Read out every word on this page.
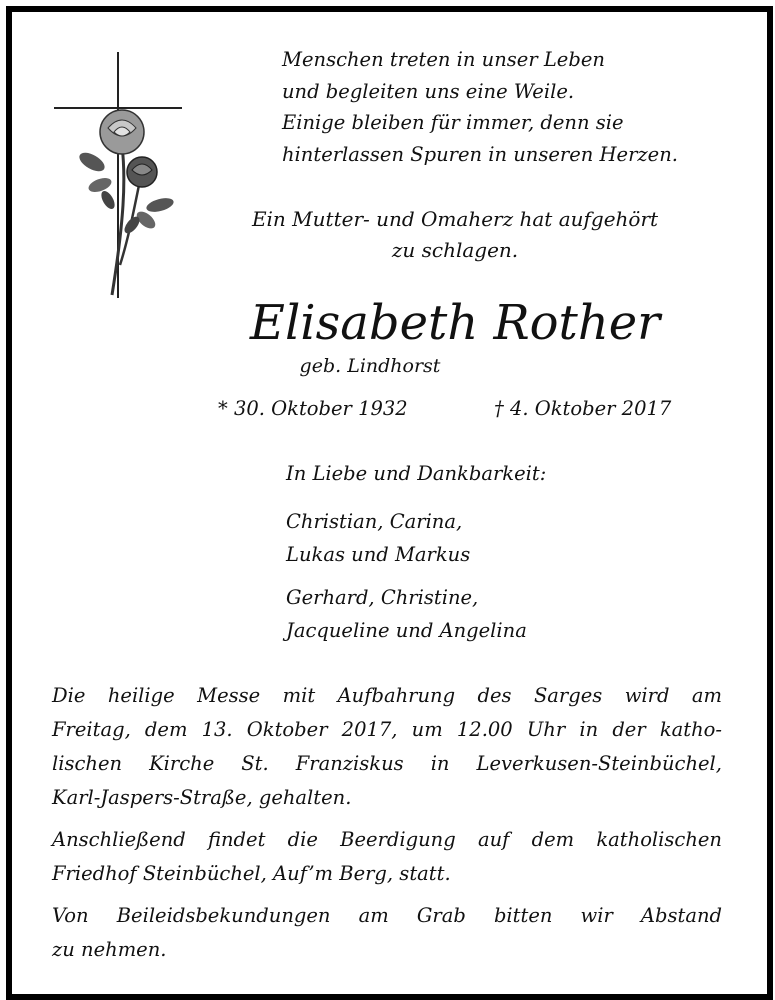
Menschen treten in unser Leben
und begleiten uns eine Weile.
Einige bleiben für immer, denn sie
hinterlassen Spuren in unseren Herzen.
Ein Mutter- und Omaherz hat aufgehört
zu schlagen.
Elisabeth Rother
geb. Lindhorst
* 30. Oktober 1932	† 4. Oktober 2017
In Liebe und Dankbarkeit:
Christian, Carina,
Lukas und Markus
Gerhard, Christine,
Jacqueline und Angelina
Die heilige Messe mit Aufbahrung des Sarges wird am
Freitag, dem 13. Oktober 2017, um 12.00 Uhr in der katho-
lischen Kirche St. Franziskus in Leverkusen-Steinbüchel,
Karl-Jaspers-Straße, gehalten.
Anschließend findet die Beerdigung auf dem katholischen
Friedhof Steinbüchel, Auf’m Berg, statt.
Von Beileidsbekundungen am Grab bitten wir Abstand
zu nehmen.
